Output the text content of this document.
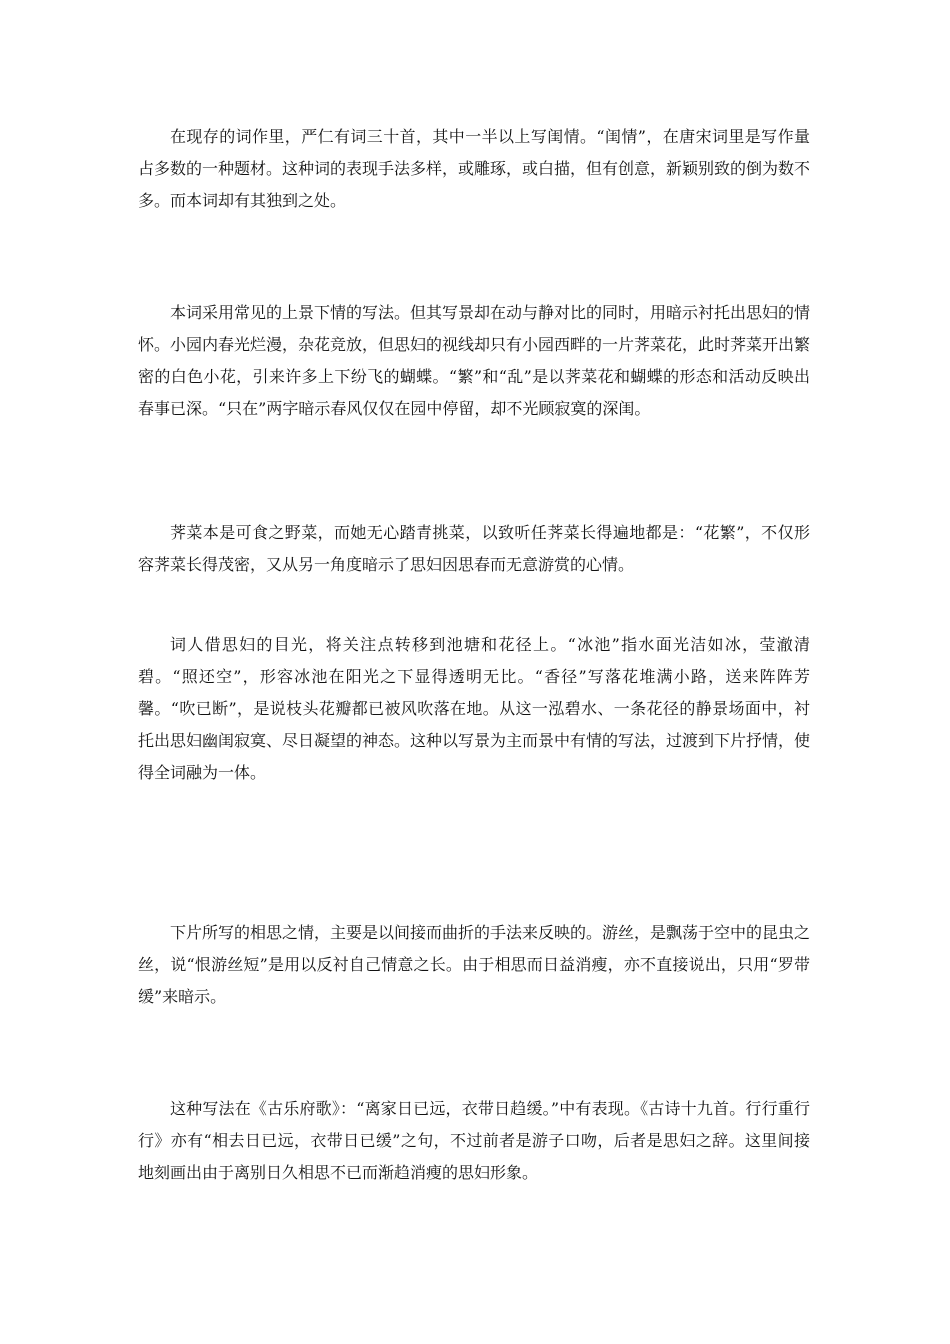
在现存的词作里，严仁有词三十首，其中一半以上写闺情。“闺情”，在唐宋词里是写作量占多数的一种题材。这种词的表现手法多样，或雕琢，或白描，但有创意，新颖别致的倒为数不多。而本词却有其独到之处。

本词采用常见的上景下情的写法。但其写景却在动与静对比的同时，用暗示衬托出思妇的情怀。小园内春光烂漫，杂花竞放，但思妇的视线却只有小园西畔的一片荠菜花，此时荠菜开出繁密的白色小花，引来许多上下纷飞的蝴蝶。“繁”和“乱”是以荠菜花和蝴蝶的形态和活动反映出春事已深。“只在”两字暗示春风仅仅在园中停留，却不光顾寂寞的深闺。

荠菜本是可食之野菜，而她无心踏青挑菜，以致听任荠菜长得遍地都是：“花繁”，不仅形容荠菜长得茂密，又从另一角度暗示了思妇因思春而无意游赏的心情。

词人借思妇的目光，将关注点转移到池塘和花径上。“冰池”指水面光洁如冰，莹澈清碧。“照还空”，形容冰池在阳光之下显得透明无比。“香径”写落花堆满小路，送来阵阵芳馨。“吹已断”，是说枝头花瓣都已被风吹落在地。从这一泓碧水、一条花径的静景场面中，衬托出思妇幽闺寂寞、尽日凝望的神态。这种以写景为主而景中有情的写法，过渡到下片抒情，使得全词融为一体。

下片所写的相思之情，主要是以间接而曲折的手法来反映的。游丝，是飘荡于空中的昆虫之丝，说“恨游丝短”是用以反衬自己情意之长。由于相思而日益消瘦，亦不直接说出，只用“罗带缓”来暗示。

这种写法在《古乐府歌》：“离家日已远，衣带日趋缓。”中有表现。《古诗十九首。行行重行行》亦有“相去日已远，衣带日已缓”之句，不过前者是游子口吻，后者是思妇之辞。这里间接地刻画出由于离别日久相思不已而渐趋消瘦的思妇形象。
